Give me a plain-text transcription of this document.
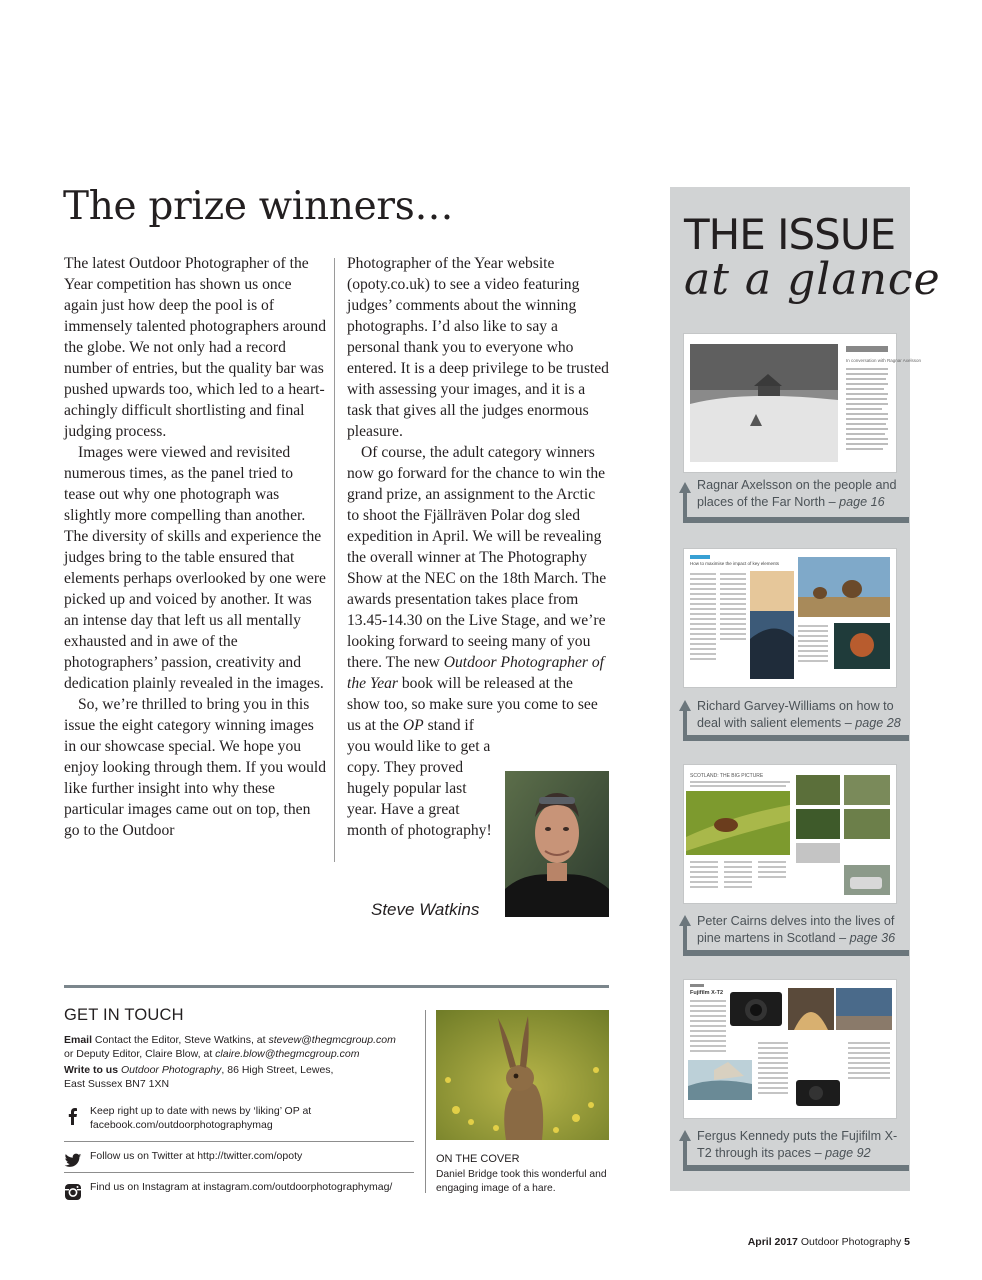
The prize winners…

The latest Outdoor Photographer of the Year competition has shown us once again just how deep the pool is of immensely talented photographers around the globe. We not only had a record number of entries, but the quality bar was pushed upwards too, which led to a heart-achingly difficult shortlisting and final judging process.

Images were viewed and revisited numerous times, as the panel tried to tease out why one photograph was slightly more compelling than another. The diversity of skills and experience the judges bring to the table ensured that elements perhaps overlooked by one were picked up and voiced by another. It was an intense day that left us all mentally exhausted and in awe of the photographers’ passion, creativity and dedication plainly revealed in the images.

So, we’re thrilled to bring you in this issue the eight category winning images in our showcase special. We hope you enjoy looking through them. If you would like further insight into why these particular images came out on top, then go to the Outdoor

Photographer of the Year website (opoty.co.uk) to see a video featuring judges’ comments about the winning photographs. I’d also like to say a personal thank you to everyone who entered. It is a deep privilege to be trusted with assessing your images, and it is a task that gives all the judges enormous pleasure.

Of course, the adult category winners now go forward for the chance to win the grand prize, an assignment to the Arctic to shoot the Fjällräven Polar dog sled expedition in April. We will be revealing the overall winner at The Photography Show at the NEC on the 18th March. The awards presentation takes place from 13.45-14.30 on the Live Stage, and we’re looking forward to seeing many of you there. The new Outdoor Photographer of the Year book will be released at the show too, so make sure you come to see us at the OP stand if

you would like to get a copy. They proved hugely popular last year. Have a great month of photography!

Steve Watkins
GET IN TOUCH
Email Contact the Editor, Steve Watkins, at stevew@thegmcgroup.com
or Deputy Editor, Claire Blow, at claire.blow@thegmcgroup.com
Write to us Outdoor Photography, 86 High Street, Lewes,
East Sussex BN7 1XN
Keep right up to date with news by ‘liking’ OP at
facebook.com/outdoorphotographymag
Follow us on Twitter at http://twitter.com/opoty
Find us on Instagram at instagram.com/outdoorphotographymag/
ON THE COVER
Daniel Bridge took this wonderful and engaging image of a hare.
THE ISSUE
at a glance
In conversation with Ragnar Axelsson
Ragnar Axelsson on the people and places of the Far North – page 16
How to maximise the impact of key elements
Richard Garvey-Williams on how to deal with salient elements – page 28
SCOTLAND: THE BIG PICTURE
Peter Cairns delves into the lives of pine martens in Scotland – page 36
Fujifilm X-T2
Fergus Kennedy puts the Fujifilm X-T2 through its paces – page 92
April 2017 Outdoor Photography 5
